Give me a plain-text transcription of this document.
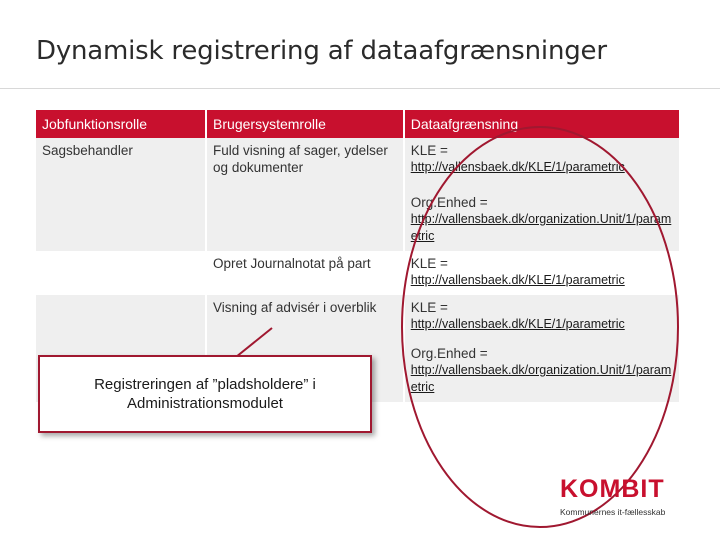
Dynamisk registrering af dataafgrænsninger
Jobfunktionsrolle	Brugersystemrolle	Dataafgrænsning
Sagsbehandler	Fuld visning af sager, ydelser og dokumenter	KLE =
http://vallensbaek.dk/KLE/1/parametric
Org.Enhed =
http://vallensbaek.dk/organization.Unit/1/parametric

	Opret Journalnotat på part	KLE =
http://vallensbaek.dk/KLE/1/parametric

	Visning af advisér i overblik	KLE =
http://vallensbaek.dk/KLE/1/parametric
Org.Enhed =
http://vallensbaek.dk/organization.Unit/1/parametric
Registreringen af ”pladsholdere” i Administrationsmodulet
KOMBIT
Kommunernes it-fællesskab
